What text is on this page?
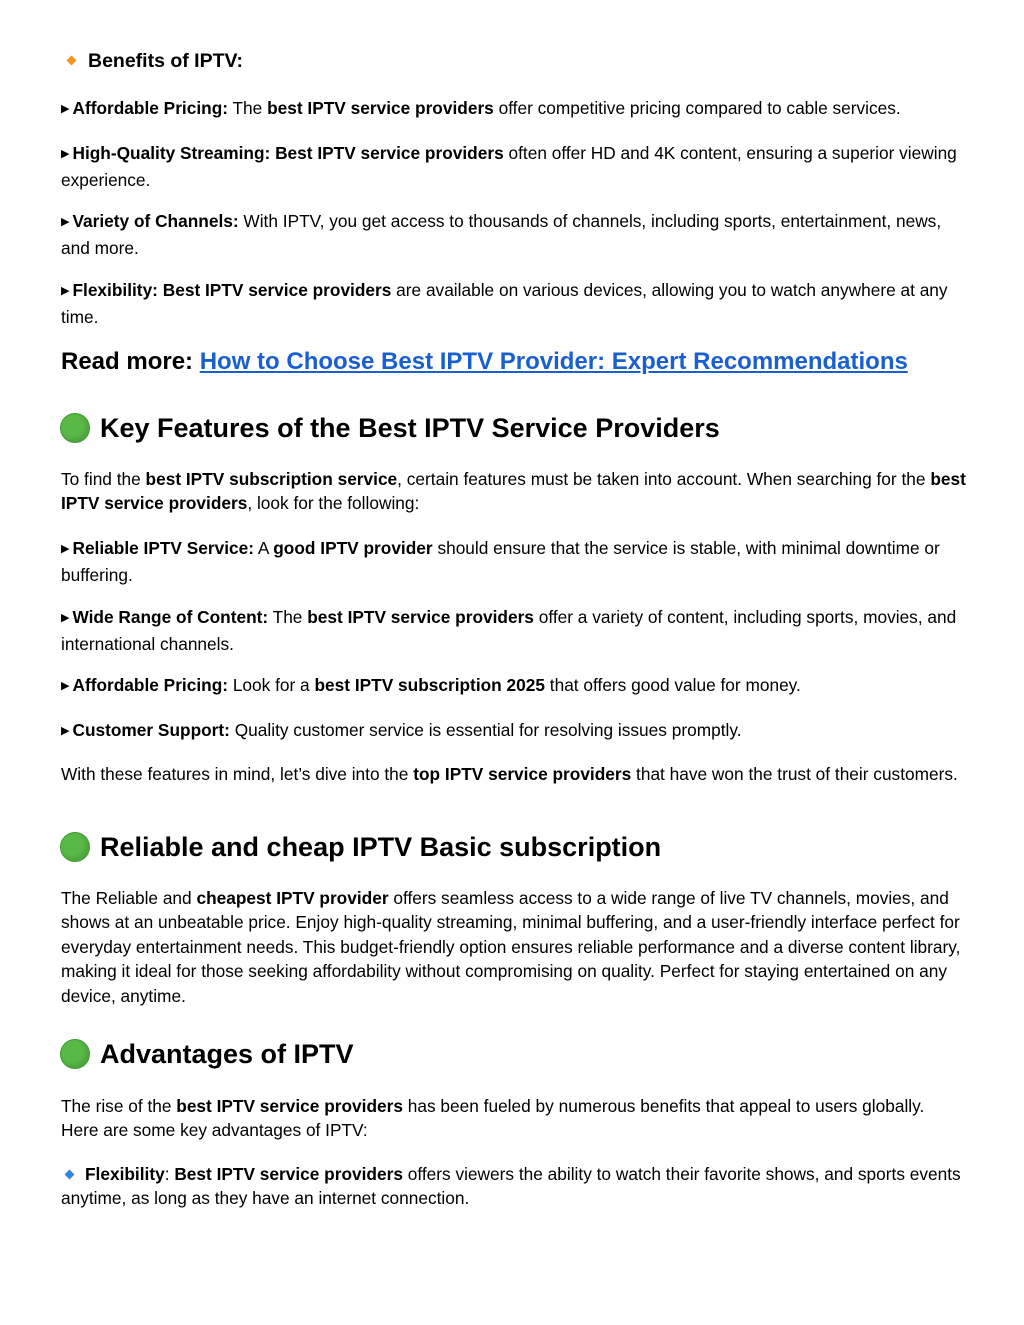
Benefits of IPTV:

▶ Affordable Pricing: The best IPTV service providers offer competitive pricing compared to cable services.

▶ High-Quality Streaming: Best IPTV service providers often offer HD and 4K content, ensuring a superior viewing experience.

▶ Variety of Channels: With IPTV, you get access to thousands of channels, including sports, entertainment, news, and more.

▶ Flexibility: Best IPTV service providers are available on various devices, allowing you to watch anywhere at any time.

Read more: How to Choose Best IPTV Provider: Expert Recommendations
Key Features of the Best IPTV Service Providers

To find the best IPTV subscription service, certain features must be taken into account. When searching for the best IPTV service providers, look for the following:

▶ Reliable IPTV Service: A good IPTV provider should ensure that the service is stable, with minimal downtime or buffering.

▶ Wide Range of Content: The best IPTV service providers offer a variety of content, including sports, movies, and international channels.

▶ Affordable Pricing: Look for a best IPTV subscription 2025 that offers good value for money.

▶ Customer Support: Quality customer service is essential for resolving issues promptly.

With these features in mind, let’s dive into the top IPTV service providers that have won the trust of their customers.

Reliable and cheap IPTV Basic subscription

The Reliable and cheapest IPTV provider offers seamless access to a wide range of live TV channels, movies, and shows at an unbeatable price. Enjoy high-quality streaming, minimal buffering, and a user-friendly interface perfect for everyday entertainment needs. This budget-friendly option ensures reliable performance and a diverse content library, making it ideal for those seeking affordability without compromising on quality. Perfect for staying entertained on any device, anytime.

Advantages of IPTV

The rise of the best IPTV service providers has been fueled by numerous benefits that appeal to users globally. Here are some key advantages of IPTV:

Flexibility: Best IPTV service providers offers viewers the ability to watch their favorite shows, and sports events anytime, as long as they have an internet connection.
